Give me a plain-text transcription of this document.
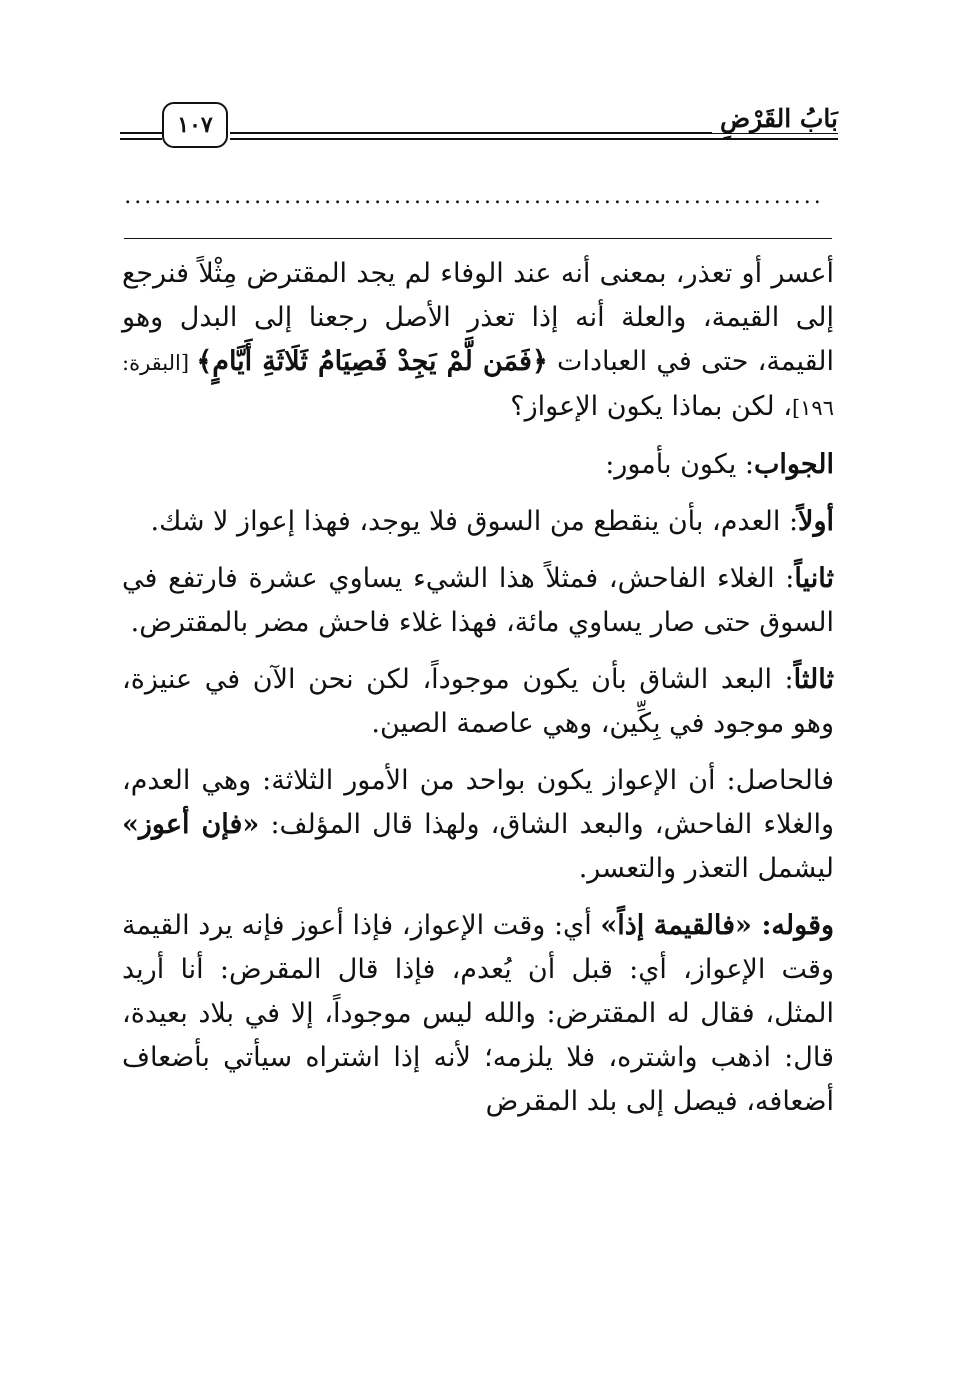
بَابُ القَرْضِ
١٠٧
......................................................................

أعسر أو تعذر، بمعنى أنه عند الوفاء لم يجد المقترض مِثْلاً فنرجع إلى القيمة، والعلة أنه إذا تعذر الأصل رجعنا إلى البدل وهو القيمة، حتى في العبادات ﴿فَمَن لَّمْ يَجِدْ فَصِيَامُ ثَلَاثَةِ أَيَّامٍ﴾ [البقرة: ١٩٦]، لكن بماذا يكون الإعواز؟

الجواب: يكون بأمور:

أولاً: العدم، بأن ينقطع من السوق فلا يوجد، فهذا إعواز لا شك.

ثانياً: الغلاء الفاحش، فمثلاً هذا الشيء يساوي عشرة فارتفع في السوق حتى صار يساوي مائة، فهذا غلاء فاحش مضر بالمقترض.

ثالثاً: البعد الشاق بأن يكون موجوداً، لكن نحن الآن في عنيزة، وهو موجود في بِكِّين، وهي عاصمة الصين.

فالحاصل: أن الإعواز يكون بواحد من الأمور الثلاثة: وهي العدم، والغلاء الفاحش، والبعد الشاق، ولهذا قال المؤلف: «فإن أعوز» ليشمل التعذر والتعسر.

وقوله: «فالقيمة إذاً» أي: وقت الإعواز، فإذا أعوز فإنه يرد القيمة وقت الإعواز، أي: قبل أن يُعدم، فإذا قال المقرض: أنا أريد المثل، فقال له المقترض: والله ليس موجوداً، إلا في بلاد بعيدة، قال: اذهب واشتره، فلا يلزمه؛ لأنه إذا اشتراه سيأتي بأضعاف أضعافه، فيصل إلى بلد المقرض
